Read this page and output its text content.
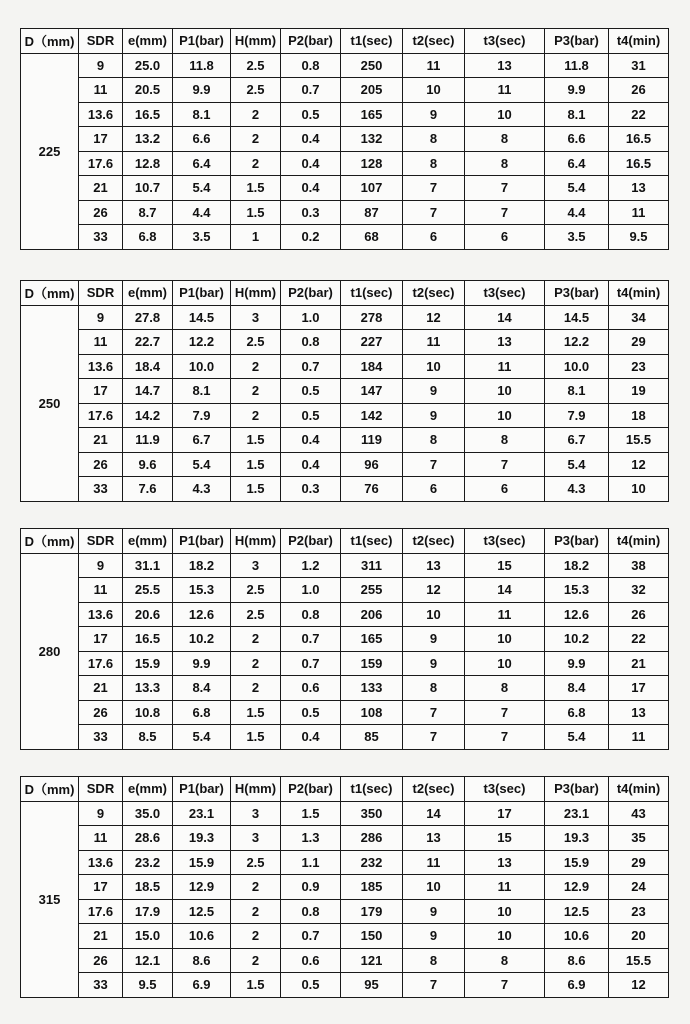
D（mm)	SDR	e(mm)	P1(bar)	H(mm)	P2(bar)	t1(sec)	t2(sec)	t3(sec)	P3(bar)	t4(min)
225	9	25.0	11.8	2.5	0.8	250	11	13	11.8	31
	11	20.5	9.9	2.5	0.7	205	10	11	9.9	26
	13.6	16.5	8.1	2	0.5	165	9	10	8.1	22
	17	13.2	6.6	2	0.4	132	8	8	6.6	16.5
	17.6	12.8	6.4	2	0.4	128	8	8	6.4	16.5
	21	10.7	5.4	1.5	0.4	107	7	7	5.4	13
	26	8.7	4.4	1.5	0.3	87	7	7	4.4	11
	33	6.8	3.5	1	0.2	68	6	6	3.5	9.5
D（mm)	SDR	e(mm)	P1(bar)	H(mm)	P2(bar)	t1(sec)	t2(sec)	t3(sec)	P3(bar)	t4(min)
250	9	27.8	14.5	3	1.0	278	12	14	14.5	34
	11	22.7	12.2	2.5	0.8	227	11	13	12.2	29
	13.6	18.4	10.0	2	0.7	184	10	11	10.0	23
	17	14.7	8.1	2	0.5	147	9	10	8.1	19
	17.6	14.2	7.9	2	0.5	142	9	10	7.9	18
	21	11.9	6.7	1.5	0.4	119	8	8	6.7	15.5
	26	9.6	5.4	1.5	0.4	96	7	7	5.4	12
	33	7.6	4.3	1.5	0.3	76	6	6	4.3	10
D（mm)	SDR	e(mm)	P1(bar)	H(mm)	P2(bar)	t1(sec)	t2(sec)	t3(sec)	P3(bar)	t4(min)
280	9	31.1	18.2	3	1.2	311	13	15	18.2	38
	11	25.5	15.3	2.5	1.0	255	12	14	15.3	32
	13.6	20.6	12.6	2.5	0.8	206	10	11	12.6	26
	17	16.5	10.2	2	0.7	165	9	10	10.2	22
	17.6	15.9	9.9	2	0.7	159	9	10	9.9	21
	21	13.3	8.4	2	0.6	133	8	8	8.4	17
	26	10.8	6.8	1.5	0.5	108	7	7	6.8	13
	33	8.5	5.4	1.5	0.4	85	7	7	5.4	11
D（mm)	SDR	e(mm)	P1(bar)	H(mm)	P2(bar)	t1(sec)	t2(sec)	t3(sec)	P3(bar)	t4(min)
315	9	35.0	23.1	3	1.5	350	14	17	23.1	43
	11	28.6	19.3	3	1.3	286	13	15	19.3	35
	13.6	23.2	15.9	2.5	1.1	232	11	13	15.9	29
	17	18.5	12.9	2	0.9	185	10	11	12.9	24
	17.6	17.9	12.5	2	0.8	179	9	10	12.5	23
	21	15.0	10.6	2	0.7	150	9	10	10.6	20
	26	12.1	8.6	2	0.6	121	8	8	8.6	15.5
	33	9.5	6.9	1.5	0.5	95	7	7	6.9	12
